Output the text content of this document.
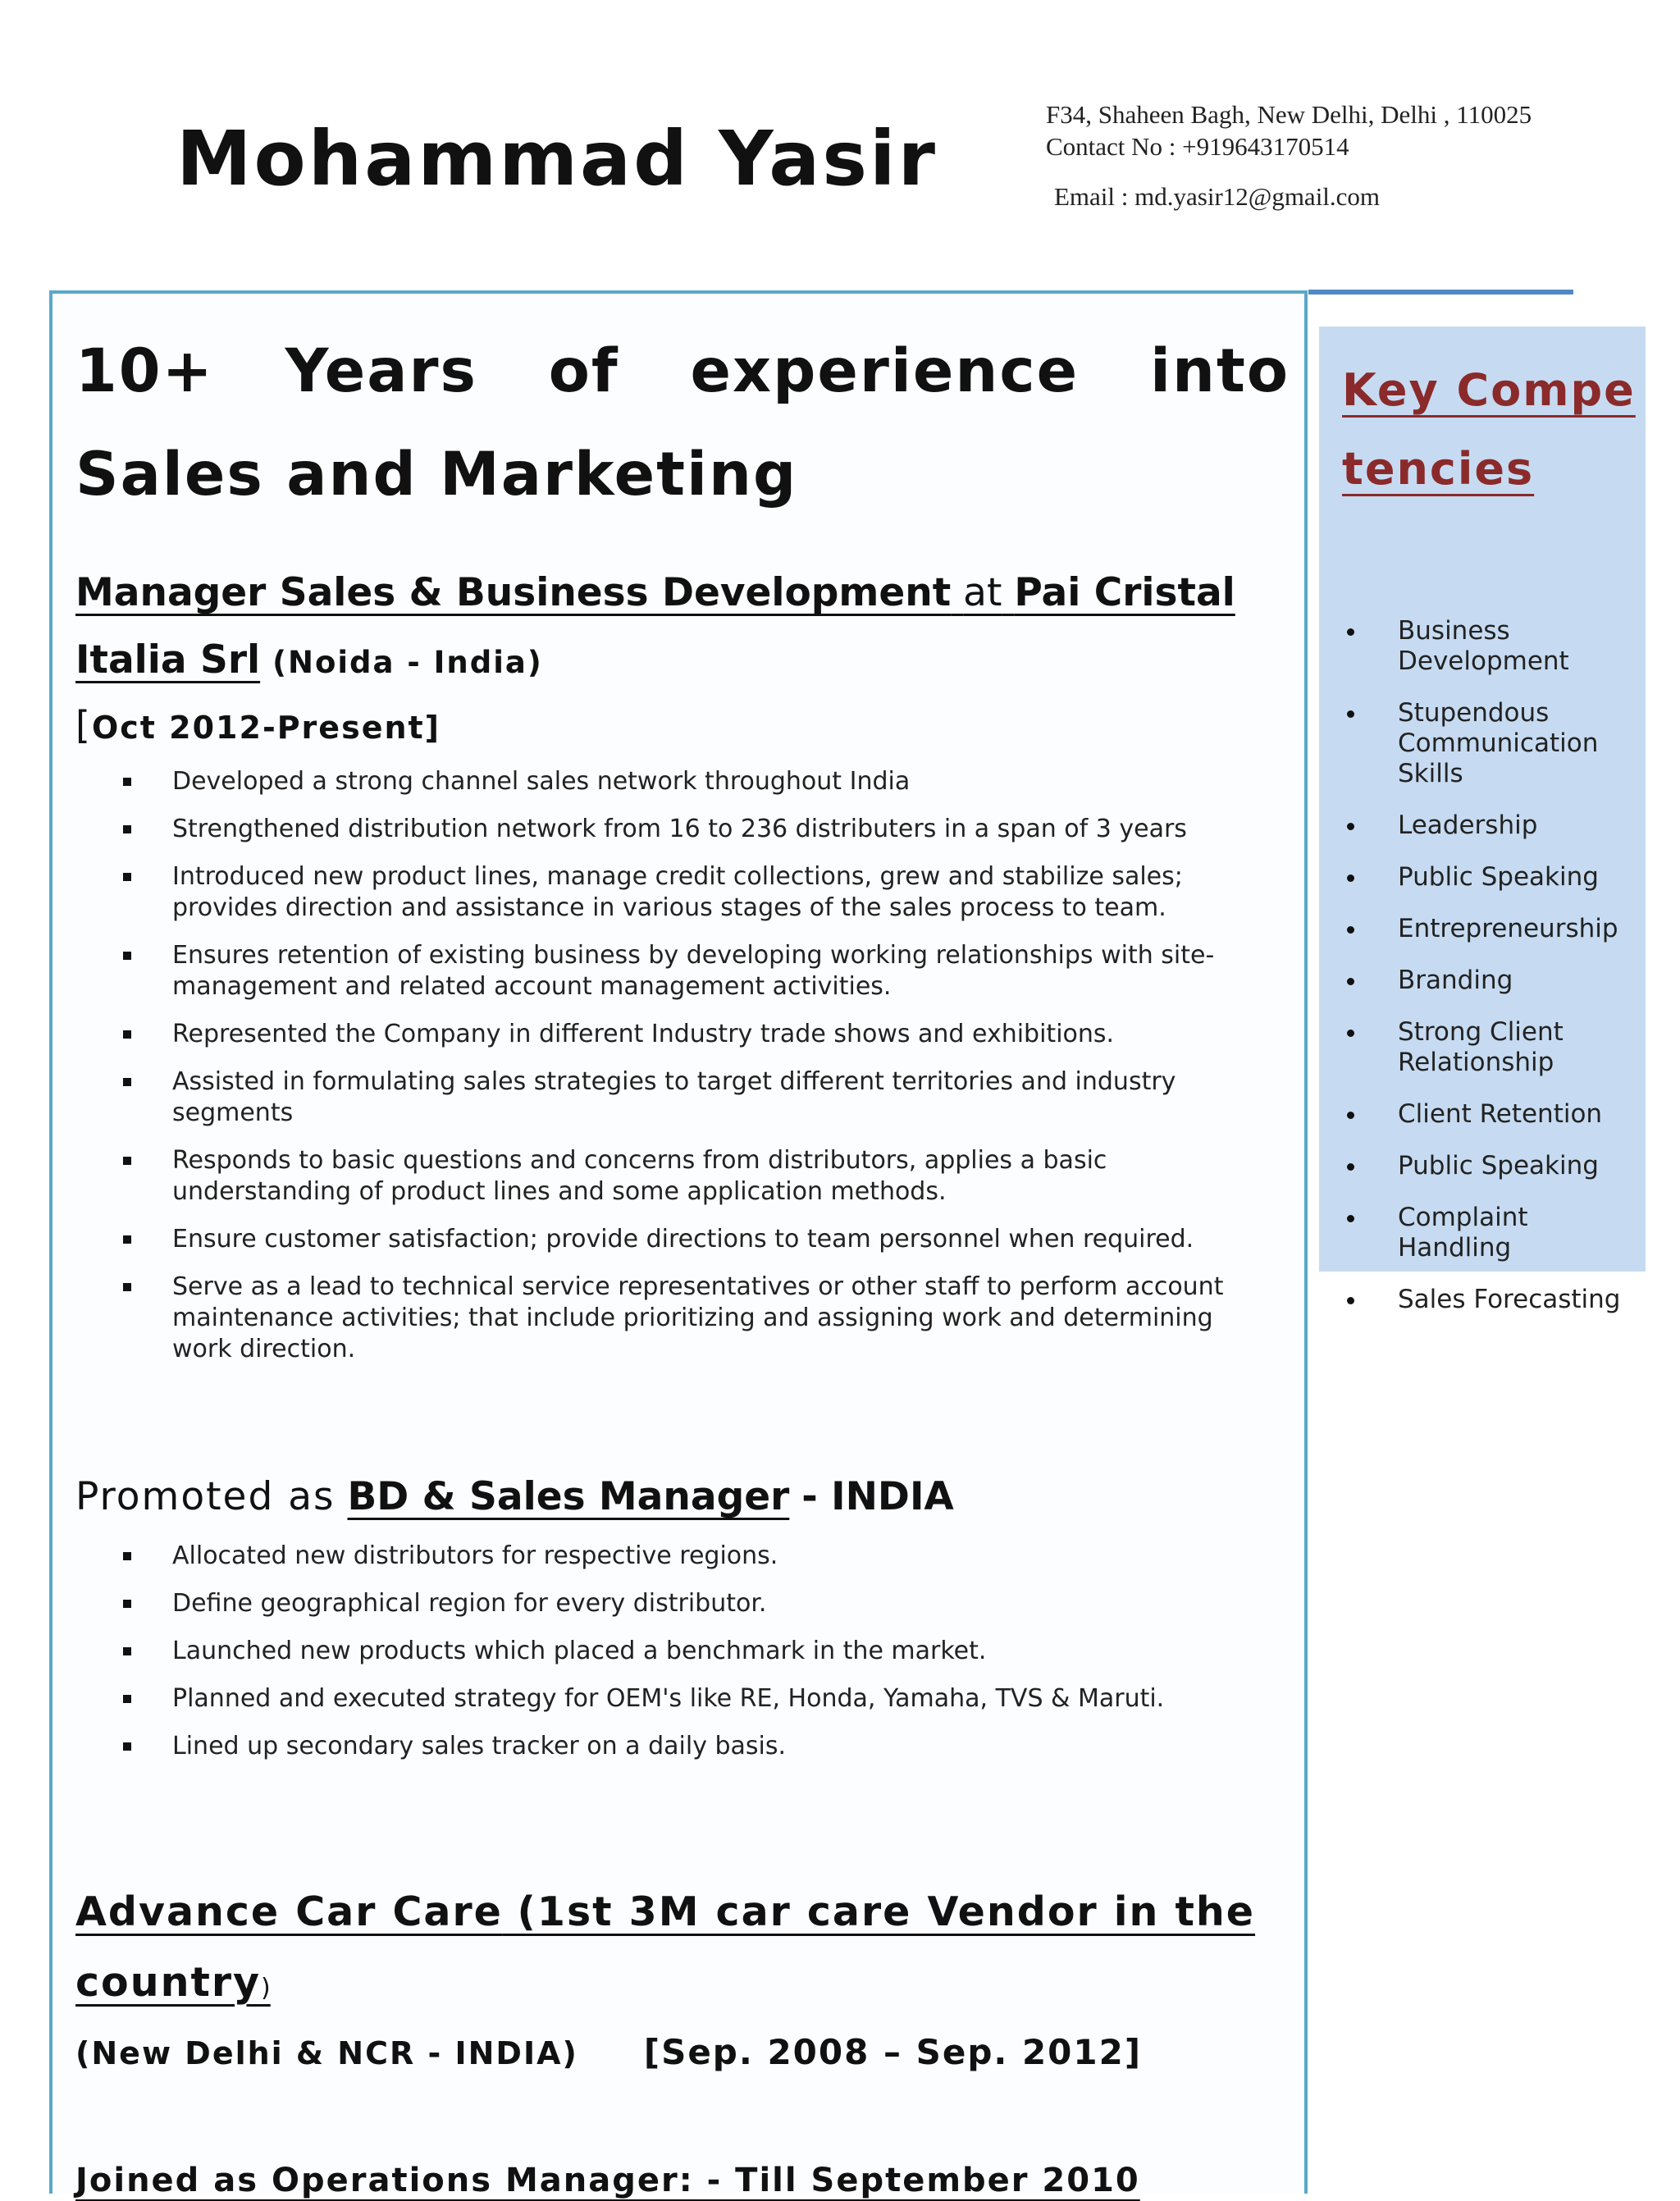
Mohammad Yasir
F34, Shaheen Bagh, New Delhi, Delhi , 110025
Contact No : +919643170514
Email : md.yasir12@gmail.com

10+ Years of experience into Sales and Marketing

Manager Sales & Business Development at Pai Cristal Italia Srl (Noida - India)

[Oct 2012-Present]

Developed a strong channel sales network throughout India
Strengthened distribution network from 16 to 236 distributers in a span of 3 years
Introduced new product lines, manage credit collections, grew and stabilize sales; provides direction and assistance in various stages of the sales process to team.
Ensures retention of existing business by developing working relationships with site-management and related account management activities.
Represented the Company in different Industry trade shows and exhibitions.
Assisted in formulating sales strategies to target different territories and industry segments
Responds to basic questions and concerns from distributors, applies a basic understanding of product lines and some application methods.
Ensure customer satisfaction; provide directions to team personnel when required.
Serve as a lead to technical service representatives or other staff to perform account maintenance activities; that include prioritizing and assigning work and determining work direction.
Promoted as BD & Sales Manager - INDIA
Allocated new distributors for respective regions.
Define geographical region for every distributor.
Launched new products which placed a benchmark in the market.
Planned and executed strategy for OEM's like RE, Honda, Yamaha, TVS & Maruti.
Lined up secondary sales tracker on a daily basis.
Advance Car Care (1st 3M car care Vendor in the country)

(New Delhi & NCR - INDIA) [Sep. 2008 – Sep. 2012]

Joined as Operations Manager: - Till September 2010

Key Competencies
Business Development
Stupendous Communication Skills
Leadership
Public Speaking
Entrepreneurship
Branding
Strong Client Relationship
Client Retention
Public Speaking
Complaint Handling
Sales Forecasting
